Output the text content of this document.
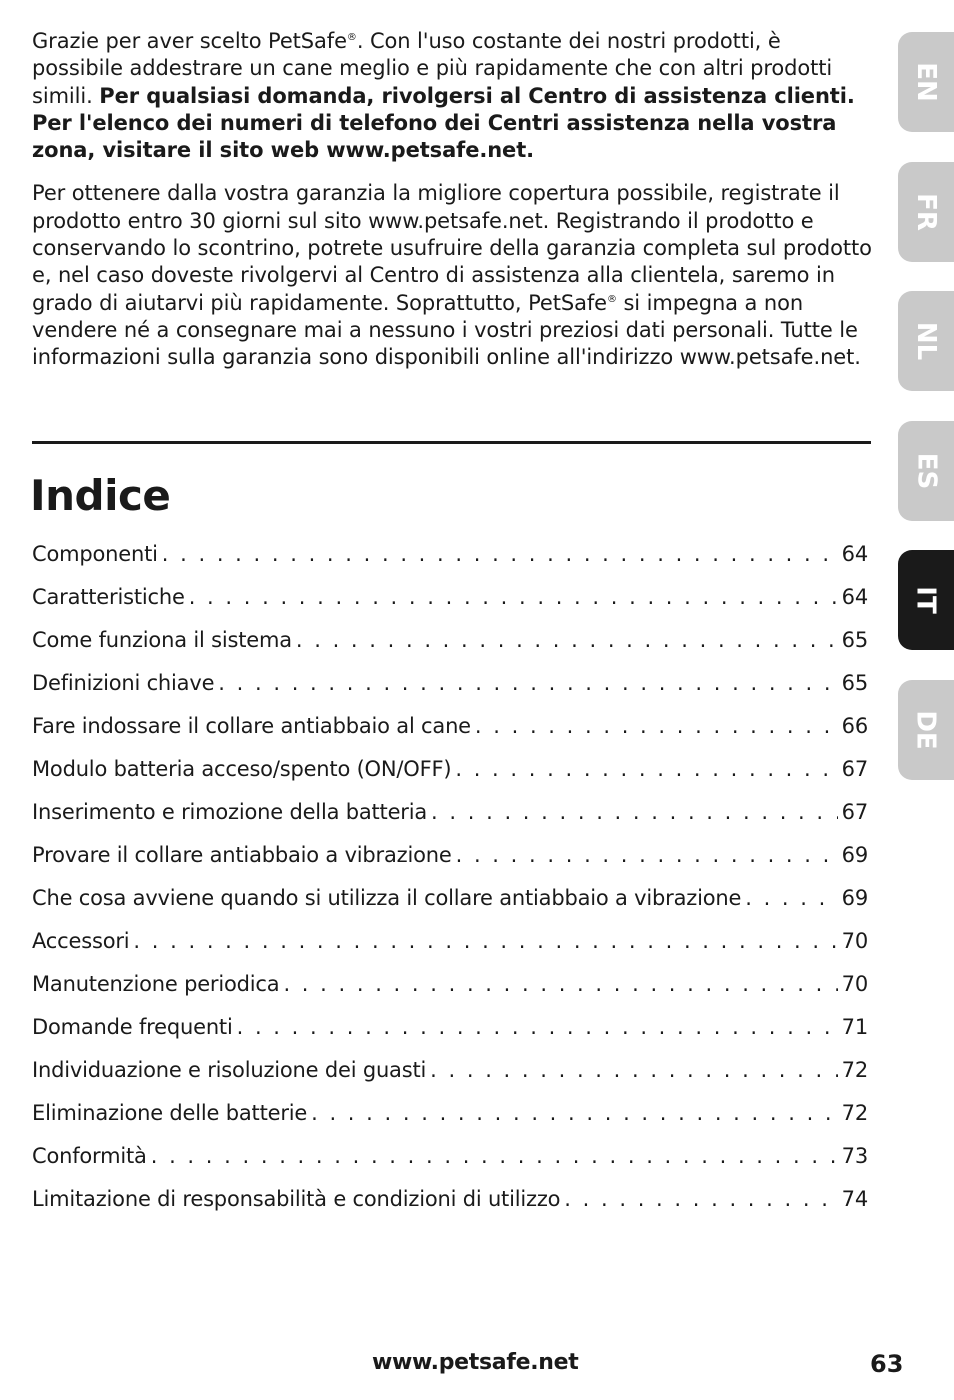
Grazie per aver scelto PetSafe®. Con l'uso costante dei nostri prodotti, è possibile addestrare un cane meglio e più rapidamente che con altri prodotti simili. Per qualsiasi domanda, rivolgersi al Centro di assistenza clienti. Per l'elenco dei numeri di telefono dei Centri assistenza nella vostra zona, visitare il sito web www.petsafe.net.

Per ottenere dalla vostra garanzia la migliore copertura possibile, registrate il prodotto entro 30 giorni sul sito www.petsafe.net. Registrando il prodotto e conservando lo scontrino, potrete usufruire della garanzia completa sul prodotto e, nel caso doveste rivolgervi al Centro di assistenza alla clientela, saremo in grado di aiutarvi più rapidamente. Soprattutto, PetSafe® si impegna a non vendere né a consegnare mai a nessuno i vostri preziosi dati personali. Tutte le informazioni sulla garanzia sono disponibili online all'indirizzo www.petsafe.net.

Indice
Componenti . . .	64
Caratteristiche . . .	64
Come funziona il sistema . . .	65
Definizioni chiave . . .	65
Fare indossare il collare antiabbaio al cane . . .	66
Modulo batteria acceso/spento (ON/OFF) . . .	67
Inserimento e rimozione della batteria . . .	67
Provare il collare antiabbaio a vibrazione . . .	69
Che cosa avviene quando si utilizza il collare antiabbaio a vibrazione . . .	69
Accessori . . .	70
Manutenzione periodica . . .	70
Domande frequenti . . .	71
Individuazione e risoluzione dei guasti . . .	72
Eliminazione delle batterie . . .	72
Conformità . . .	73
Limitazione di responsabilità e condizioni di utilizzo . . .	74
EN
FR
NL
ES
IT
DE
www.petsafe.net	63
